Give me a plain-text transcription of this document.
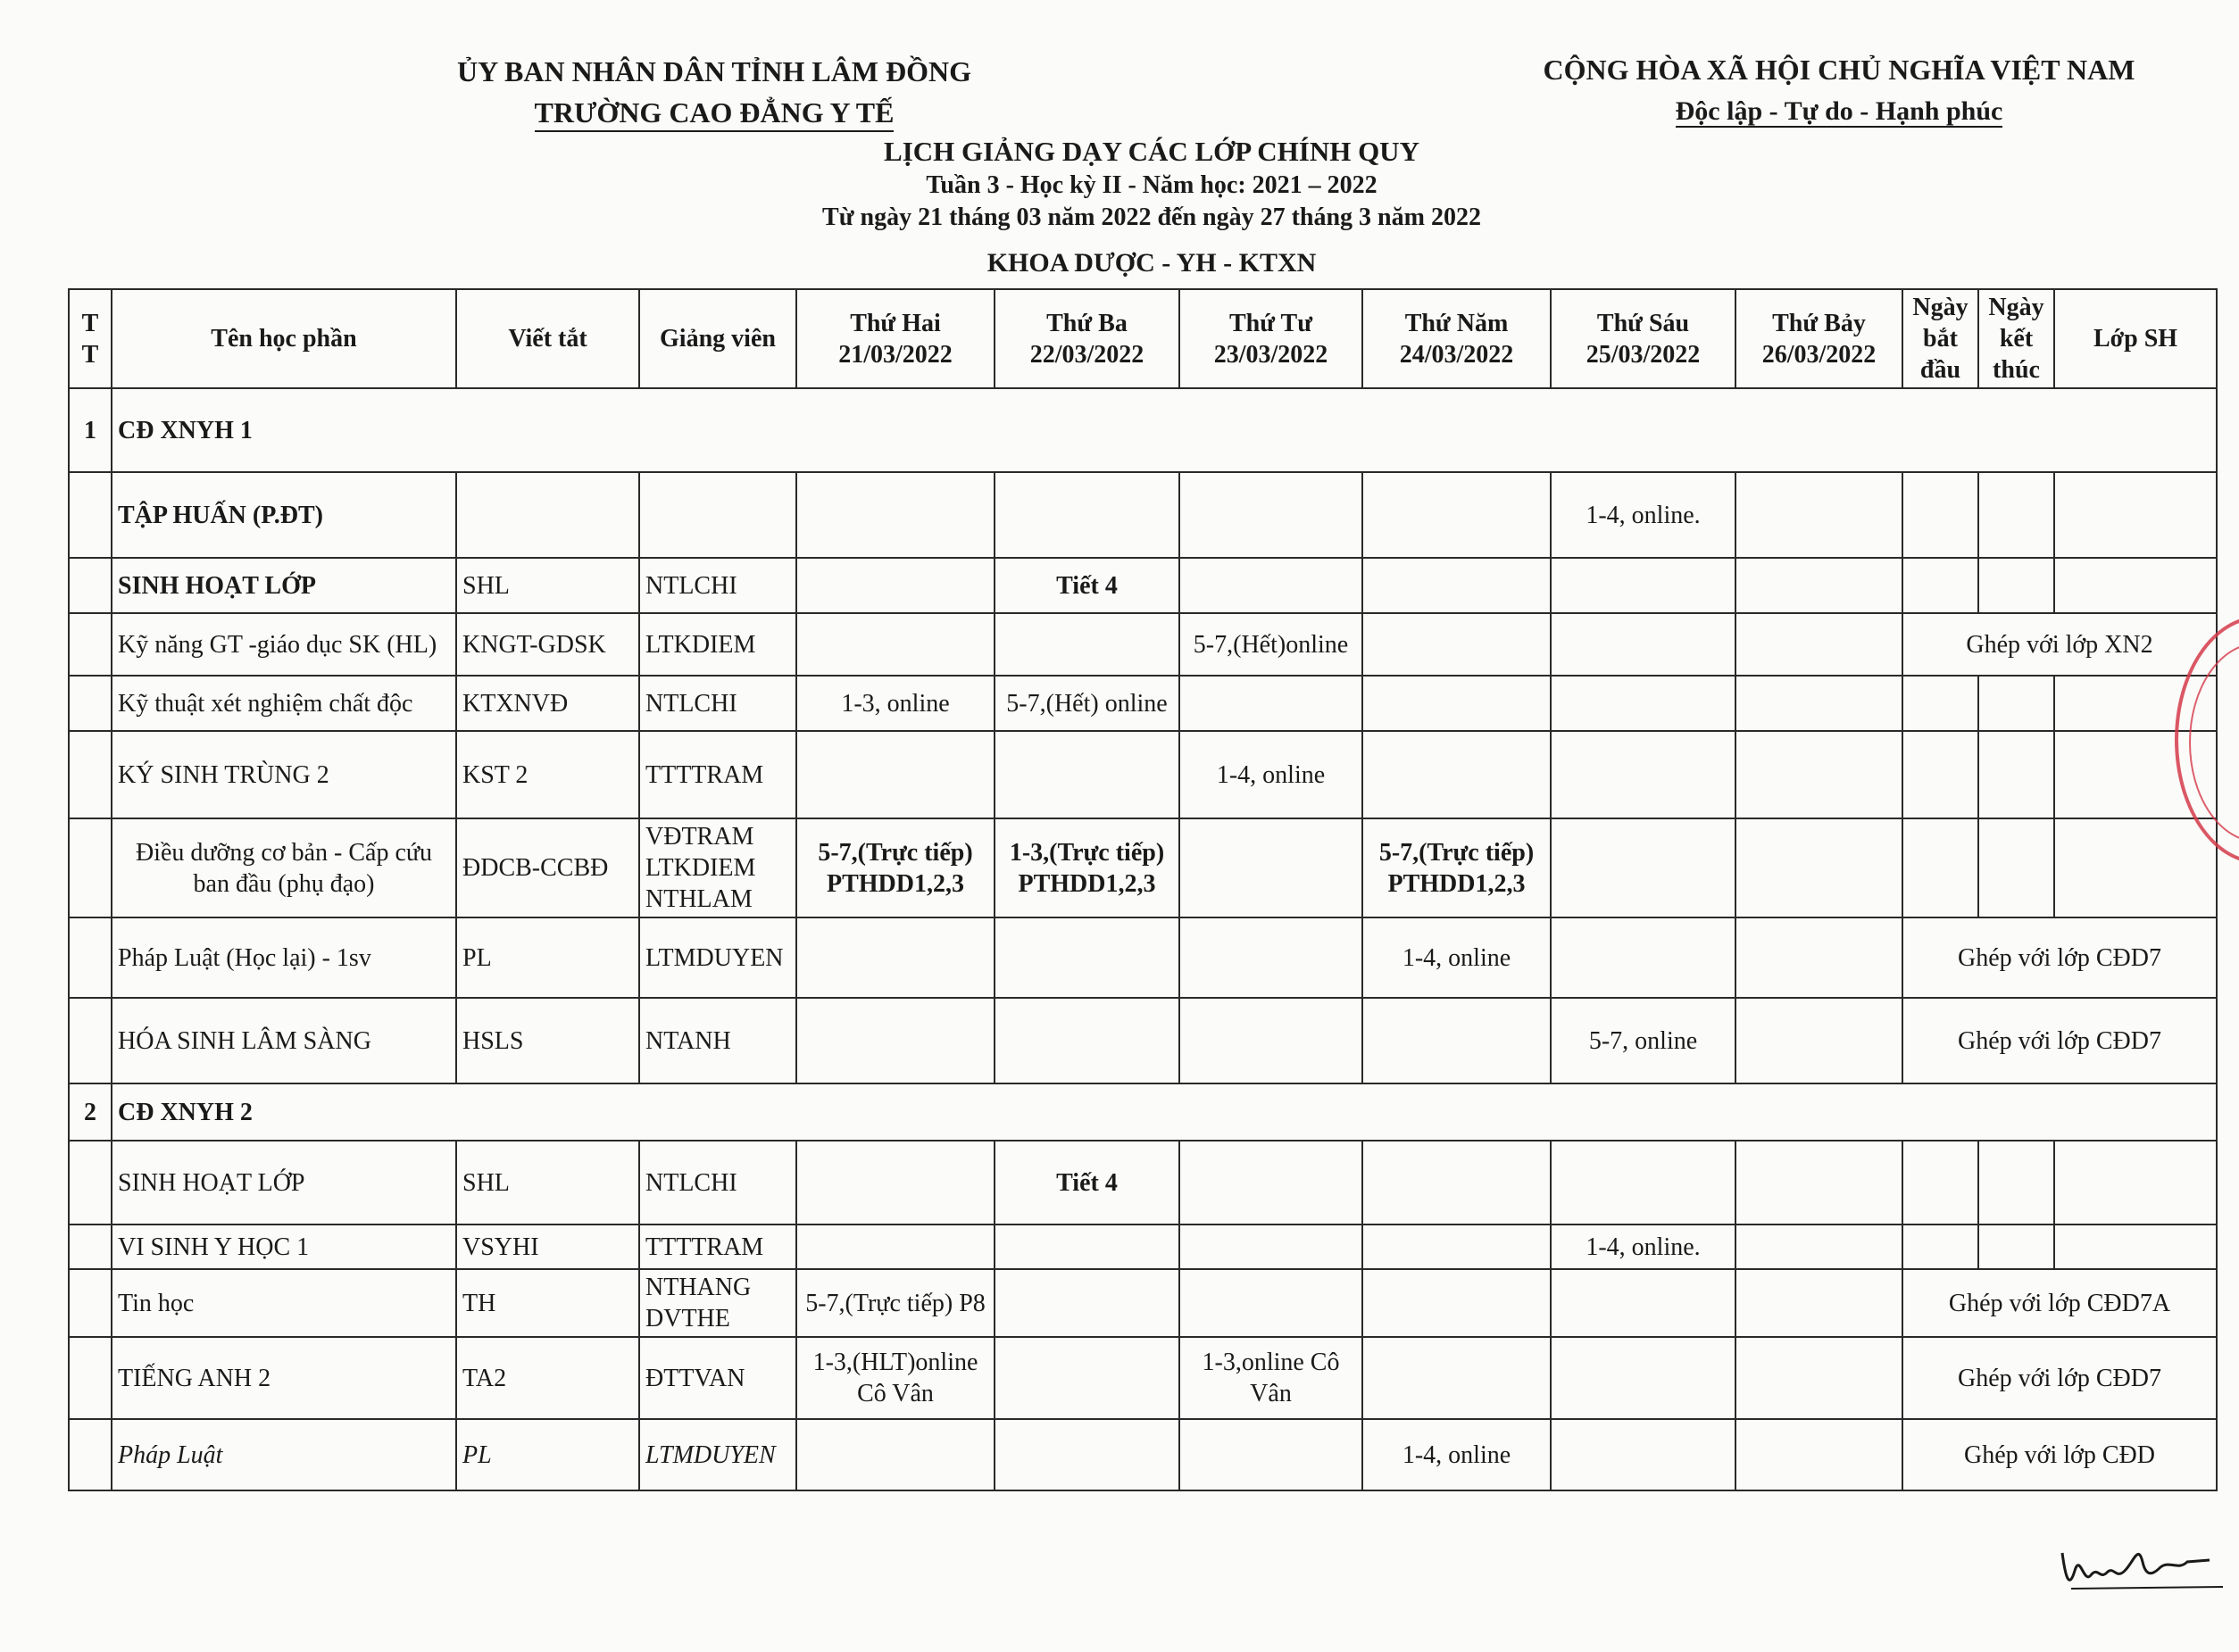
ỦY BAN NHÂN DÂN TỈNH LÂM ĐỒNG
TRƯỜNG CAO ĐẲNG Y TẾ
CỘNG HÒA XÃ HỘI CHỦ NGHĨA VIỆT NAM
Độc lập - Tự do - Hạnh phúc
LỊCH GIẢNG DẠY CÁC LỚP CHÍNH QUY
Tuần 3 - Học kỳ II - Năm học: 2021 – 2022
Từ ngày 21 tháng 03 năm 2022 đến ngày 27 tháng 3 năm 2022
KHOA DƯỢC - YH - KTXN
T T	Tên học phần	Viết tắt	Giảng viên	Thứ Hai 21/03/2022	Thứ Ba 22/03/2022	Thứ Tư 23/03/2022	Thứ Năm 24/03/2022	Thứ Sáu 25/03/2022	Thứ Bảy 26/03/2022	Ngày bắt đầu	Ngày kết thúc	Lớp SH
1	CĐ XNYH 1											
	TẬP HUẤN (P.ĐT)							1-4, online.				
	SINH HOẠT LỚP	SHL	NTLCHI		Tiết 4							
	Kỹ năng GT -giáo dục SK (HL)	KNGT-GDSK	LTKDIEM			5-7,(Hết)online				Ghép với lớp XN2		
	Kỹ thuật xét nghiệm chất độc	KTXNVĐ	NTLCHI	1-3, online	5-7,(Hết) online							
	KÝ SINH TRÙNG 2	KST 2	TTTTRAM			1-4, online						
	Điều dưỡng cơ bản - Cấp cứu ban đầu (phụ đạo)	ĐDCB-CCBĐ	VĐTRAM LTKDIEM NTHLAM	5-7,(Trực tiếp) PTHDD1,2,3	1-3,(Trực tiếp) PTHDD1,2,3		5-7,(Trực tiếp) PTHDD1,2,3					
	Pháp Luật (Học lại) - 1sv	PL	LTMDUYEN				1-4, online			Ghép với lớp CĐD7		
	HÓA SINH LÂM SÀNG	HSLS	NTANH					5-7, online		Ghép với lớp CĐD7		
2	CĐ XNYH 2											
	SINH HOẠT LỚP	SHL	NTLCHI		Tiết 4							
	VI SINH Y HỌC 1	VSYHI	TTTTRAM					1-4, online.				
	Tin học	TH	NTHANG DVTHE	5-7,(Trực tiếp) P8						Ghép với lớp CĐD7A		
	TIẾNG ANH 2	TA2	ĐTTVAN	1-3,(HLT)online Cô Vân		1-3,online Cô Vân				Ghép với lớp CĐD7		
	Pháp Luật	PL	LTMDUYEN				1-4, online			Ghép với lớp CĐD		
